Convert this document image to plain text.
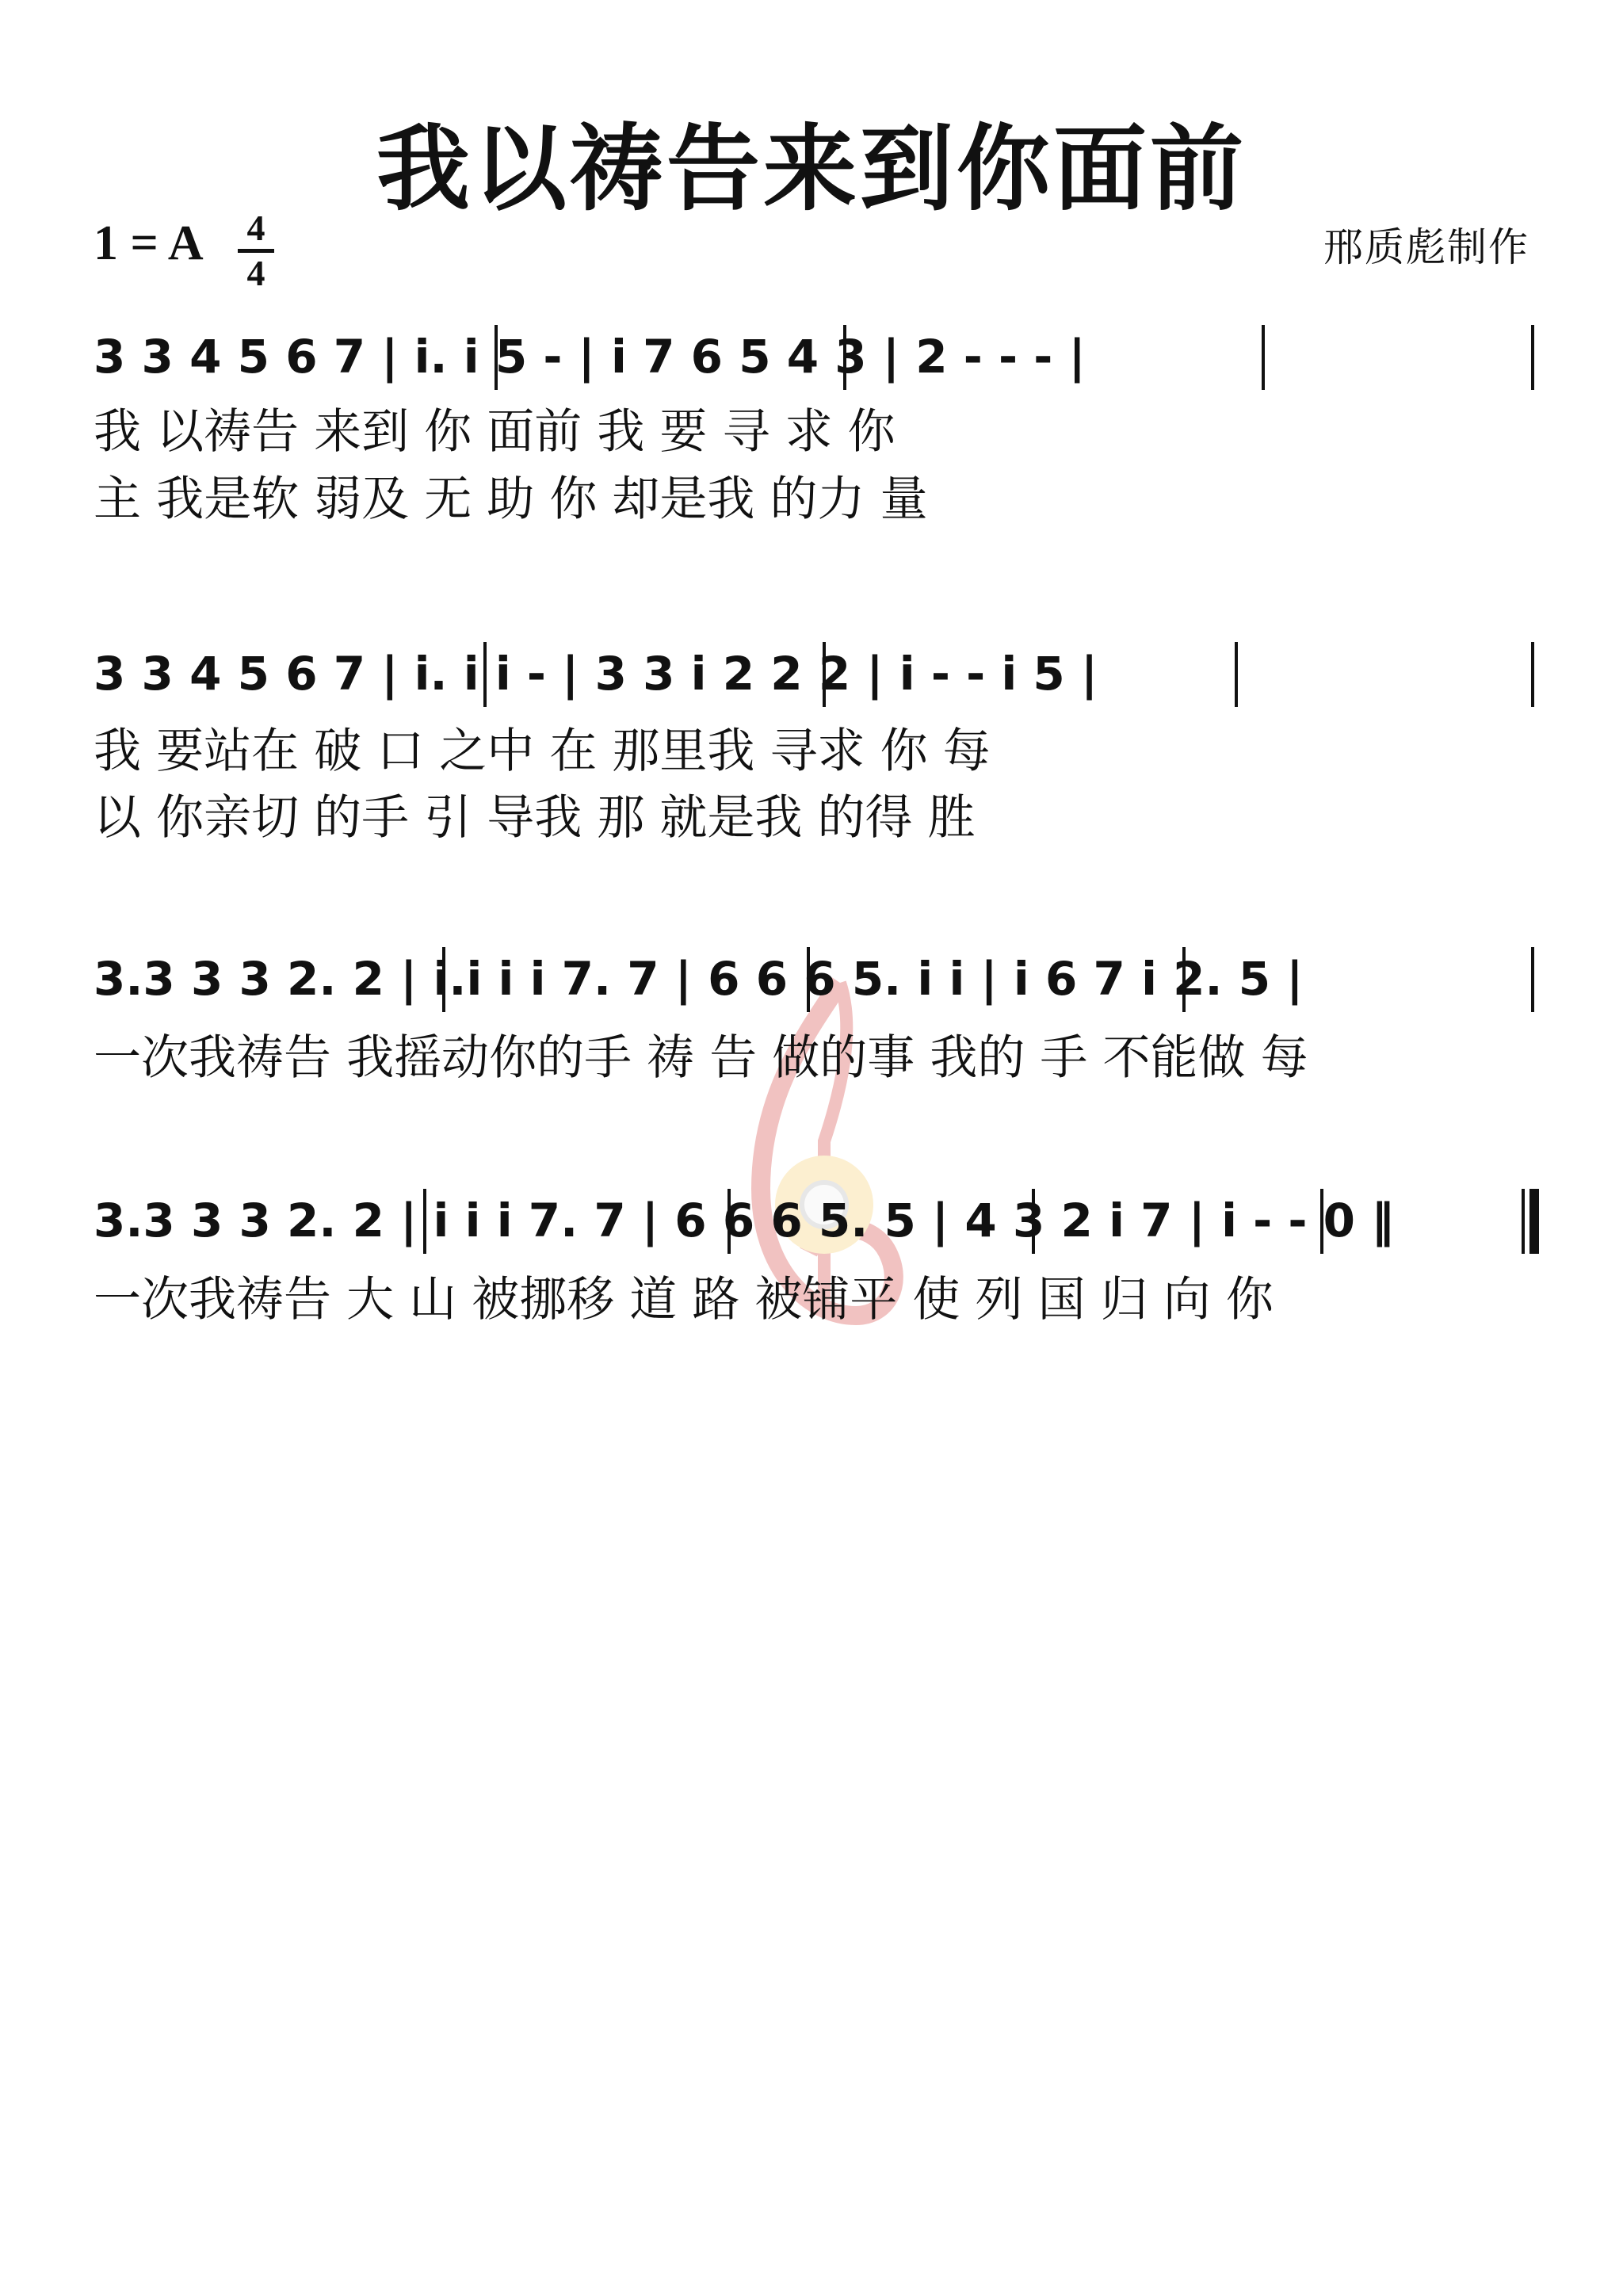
我以祷告来到你面前
1 = A 4
4
邢质彪制作
3 3 4 5 6 7 | i. i 5 - | i 7 6 5 4 3 | 2 - - - |
我 以祷告 来到 你 面前 我 要 寻 求 你
主 我是软 弱及 无 助 你 却是我 的力 量
3 3 4 5 6 7 | i. i i - | 3 3 i 2 2 2 | i - - i 5 |
我 要站在 破 口 之中 在 那里我 寻求 你 每
以 你亲切 的手 引 导我 那 就是我 的得 胜
3.3 3 3 2. 2 | i.i i i 7. 7 | 6 6 6 5. i i | i 6 7 i 2. 5 |
一次我祷告 我摇动你的手 祷 告 做的事 我的 手 不能做 每
3.3 3 3 2. 2 | i i i 7. 7 | 6 6 6 5. 5 | 4 3 2 i 7 | i - - 0 ‖
一次我祷告 大 山 被挪移 道 路 被铺平 使 列 国 归 向 你
